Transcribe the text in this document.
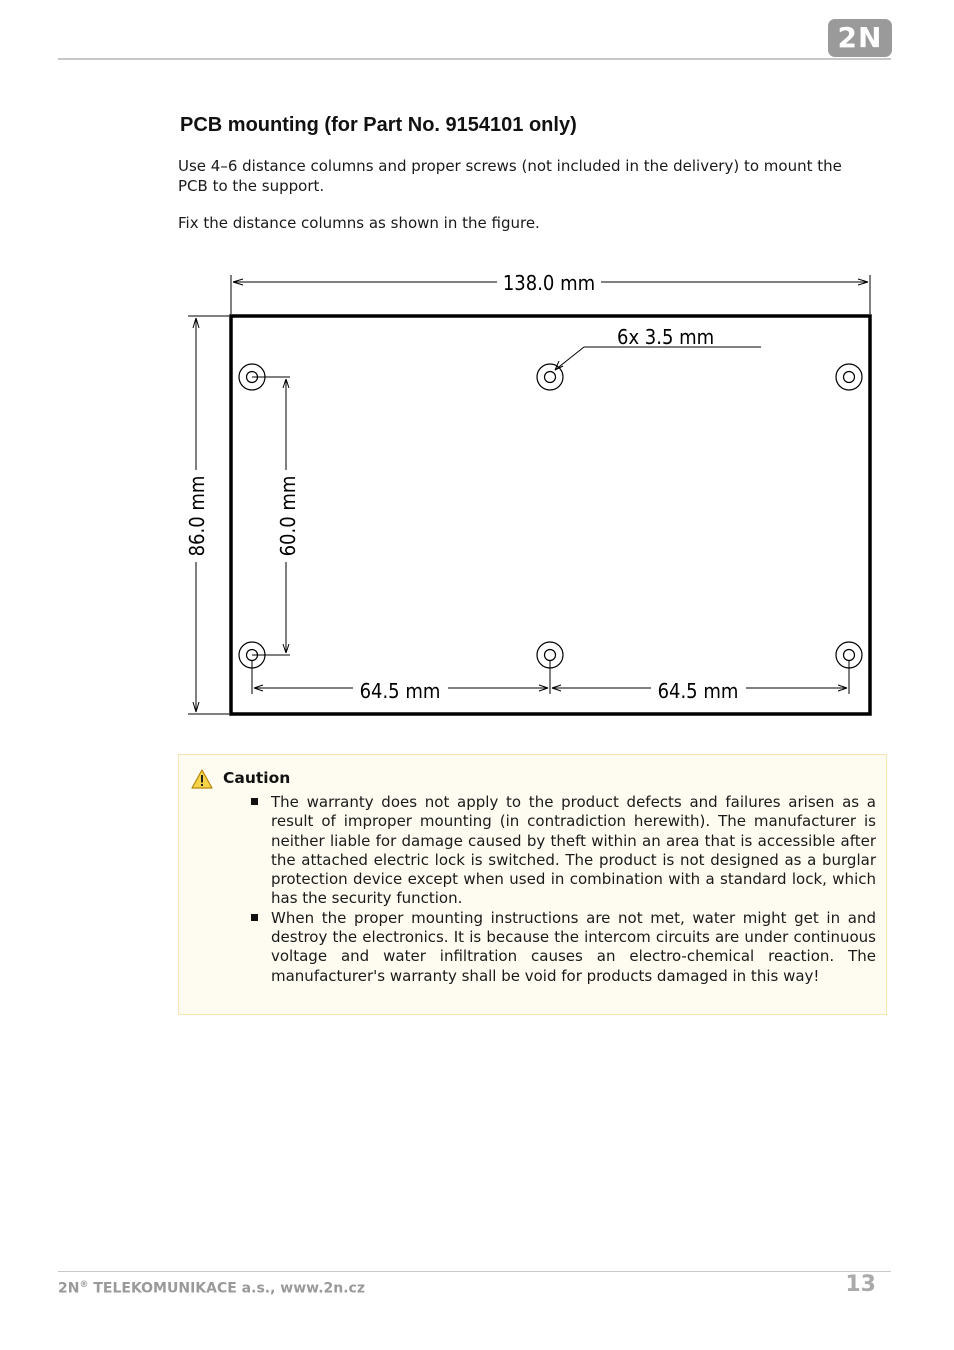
2N
PCB mounting (for Part No. 9154101 only)
Use 4–6 distance columns and proper screws (not included in the delivery) to mount the PCB to the support.
Fix the distance columns as shown in the figure.
138.0 mm
86.0 mm	60.0 mm
6x 3.5 mm
64.5 mm	64.5 mm
Caution
The warranty does not apply to the product defects and failures arisen as a result of improper mounting (in contradiction herewith). The manufacturer is neither liable for damage caused by theft within an area that is accessible after the attached electric lock is switched. The product is not designed as a burglar protection device except when used in combination with a standard lock, which has the security function.
When the proper mounting instructions are not met, water might get in and destroy the electronics. It is because the intercom circuits are under continuous voltage and water infiltration causes an electro-chemical reaction. The manufacturer's warranty shall be void for products damaged in this way!
2N® TELEKOMUNIKACE a.s., www.2n.cz	13
